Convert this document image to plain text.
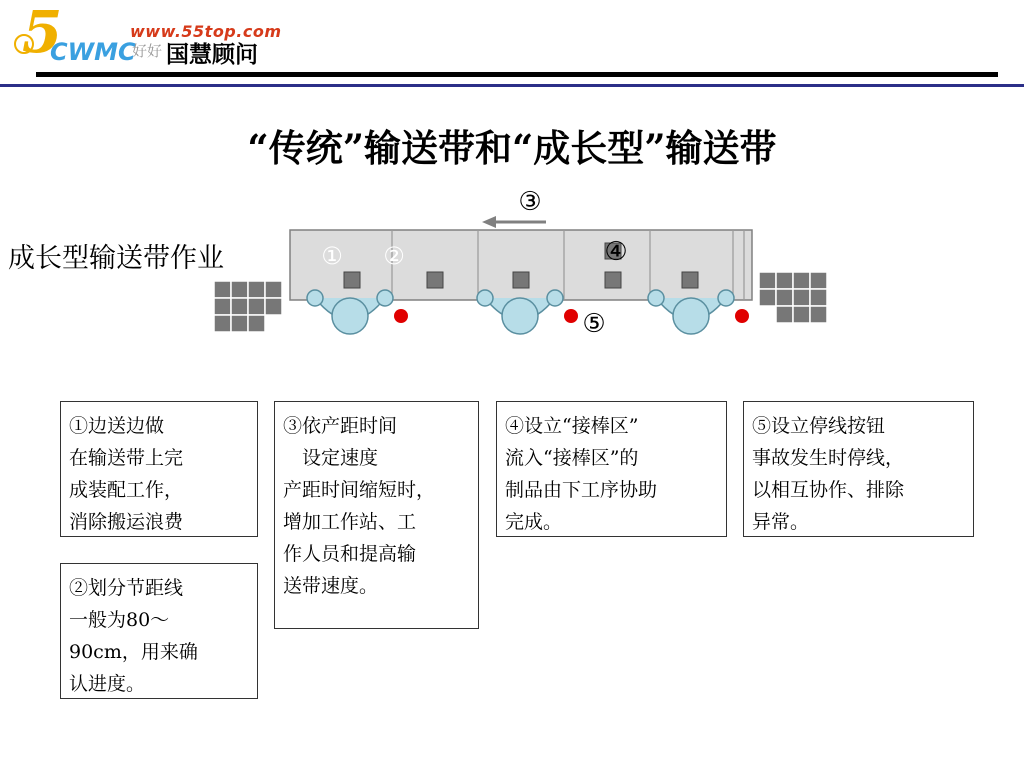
5
CWMC
www.55top.com
好好 国慧顾问
“传统”输送带和“成长型”输送带
成长型输送带作业
③
① ②	④
⑤
①边送边做
在输送带上完
成装配工作，
消除搬运浪费
②划分节距线
一般为80～
90cm，用来确
认进度。
③依产距时间
　设定速度
产距时间缩短时，
增加工作站、工
作人员和提高输
送带速度。
④设立“接棒区”
流入“接棒区”的
制品由下工序协助
完成。
⑤设立停线按钮
事故发生时停线，
以相互协作、排除
异常。
